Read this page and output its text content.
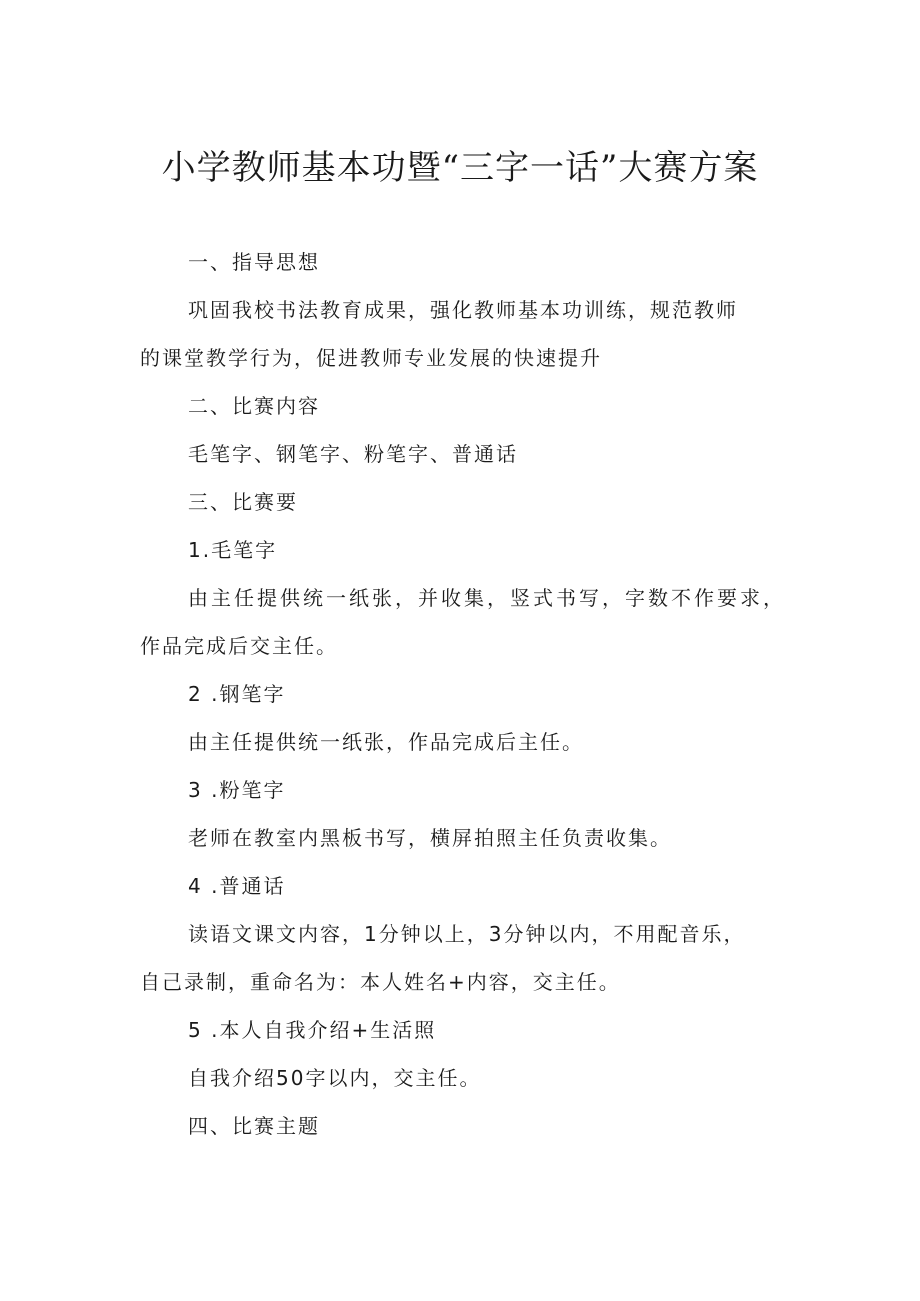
小学教师基本功暨“三字一话”大赛方案

一、指导思想

巩固我校书法教育成果，强化教师基本功训练，规范教师

的课堂教学行为，促进教师专业发展的快速提升

二、比赛内容

毛笔字、钢笔字、粉笔字、普通话

三、比赛要

1.毛笔字

由主任提供统一纸张，并收集，竖式书写，字数不作要求，

作品完成后交主任。

2 .钢笔字

由主任提供统一纸张，作品完成后主任。

3 .粉笔字

老师在教室内黑板书写，横屏拍照主任负责收集。

4 .普通话

读语文课文内容，1分钟以上，3分钟以内，不用配音乐，

自己录制，重命名为：本人姓名+内容，交主任。

5 .本人自我介绍+生活照

自我介绍50字以内，交主任。

四、比赛主题
